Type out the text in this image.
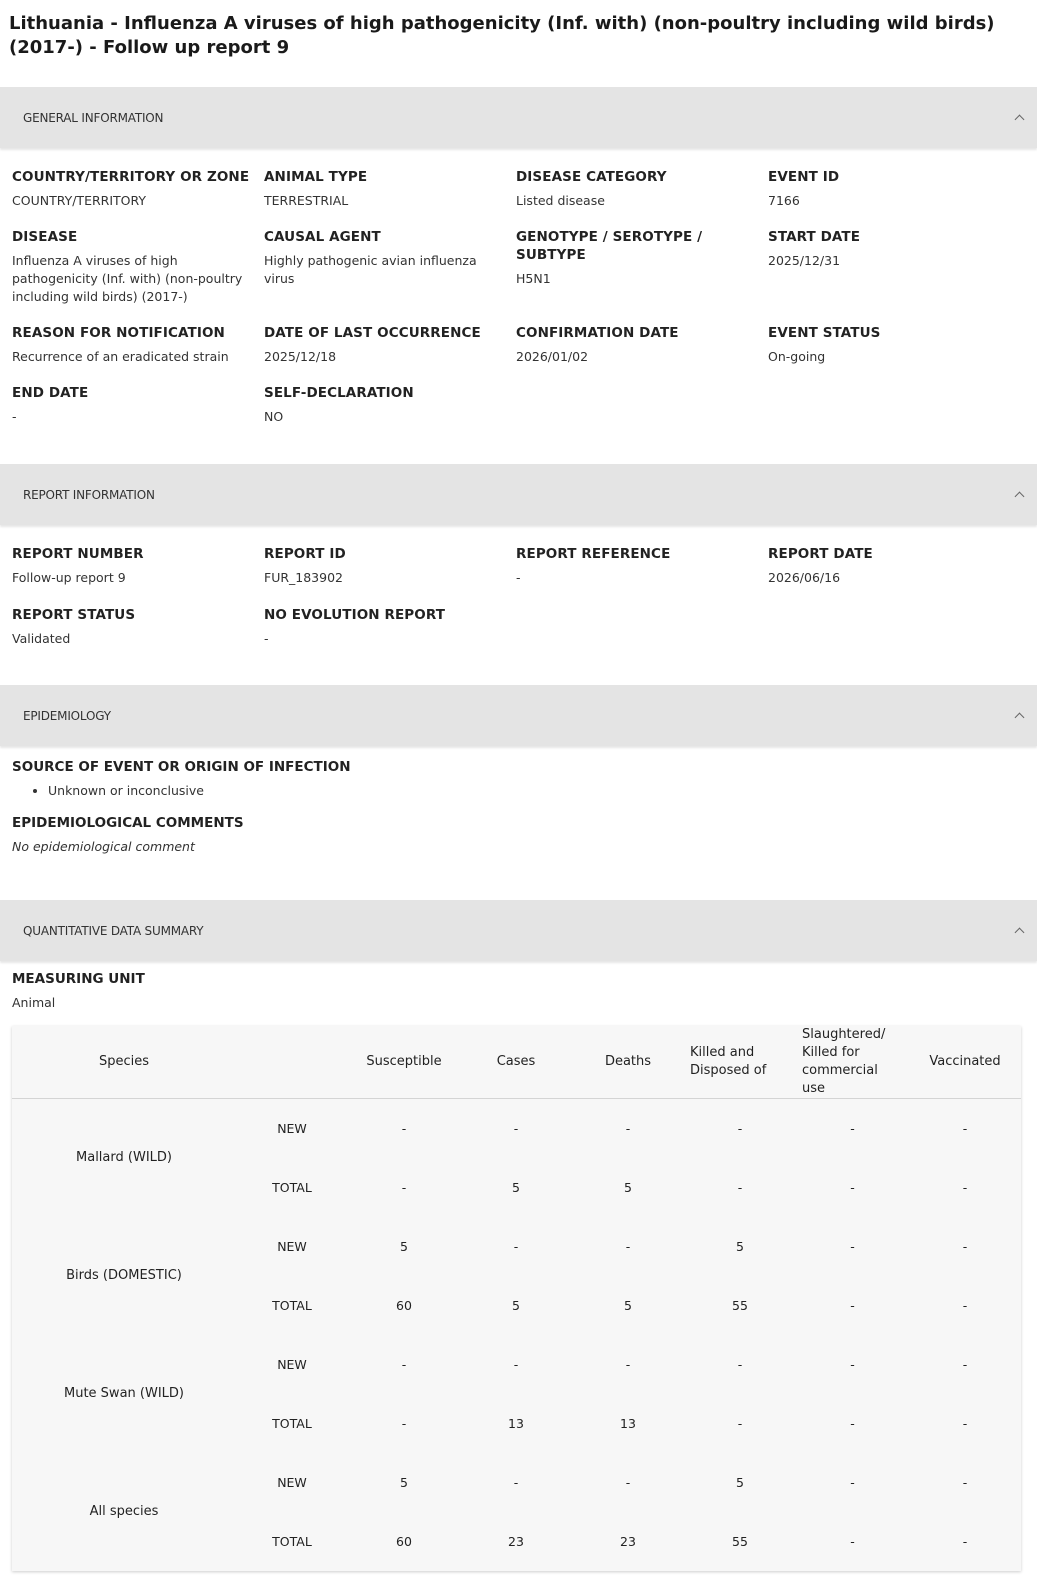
Lithuania - Influenza A viruses of high pathogenicity (Inf. with) (non-poultry including wild birds) (2017-) - Follow up report 9
GENERAL INFORMATION
COUNTRY/TERRITORY OR ZONE
COUNTRY/TERRITORY
ANIMAL TYPE
TERRESTRIAL
DISEASE CATEGORY
Listed disease
EVENT ID
7166
DISEASE
Influenza A viruses of high pathogenicity (Inf. with) (non-poultry including wild birds) (2017-)
CAUSAL AGENT
Highly pathogenic avian influenza virus
GENOTYPE / SEROTYPE / SUBTYPE
H5N1
START DATE
2025/12/31
REASON FOR NOTIFICATION
Recurrence of an eradicated strain
DATE OF LAST OCCURRENCE
2025/12/18
CONFIRMATION DATE
2026/01/02
EVENT STATUS
On-going
END DATE
-
SELF-DECLARATION
NO
REPORT INFORMATION
REPORT NUMBER
Follow-up report 9
REPORT ID
FUR_183902
REPORT REFERENCE
-
REPORT DATE
2026/06/16
REPORT STATUS
Validated
NO EVOLUTION REPORT
-
EPIDEMIOLOGY
SOURCE OF EVENT OR ORIGIN OF INFECTION
• Unknown or inconclusive
EPIDEMIOLOGICAL COMMENTS
No epidemiological comment
QUANTITATIVE DATA SUMMARY
MEASURING UNIT
Animal
Species		Susceptible	Cases	Deaths	Killed and Disposed of	Slaughtered/ Killed for commercial use	Vaccinated
Mallard (WILD)	NEW	-	-	-	-	-	-
	TOTAL	-	5	5	-	-	-
Birds (DOMESTIC)	NEW	5	-	-	5	-	-
	TOTAL	60	5	5	55	-	-
Mute Swan (WILD)	NEW	-	-	-	-	-	-
	TOTAL	-	13	13	-	-	-
All species	NEW	5	-	-	5	-	-
	TOTAL	60	23	23	55	-	-
